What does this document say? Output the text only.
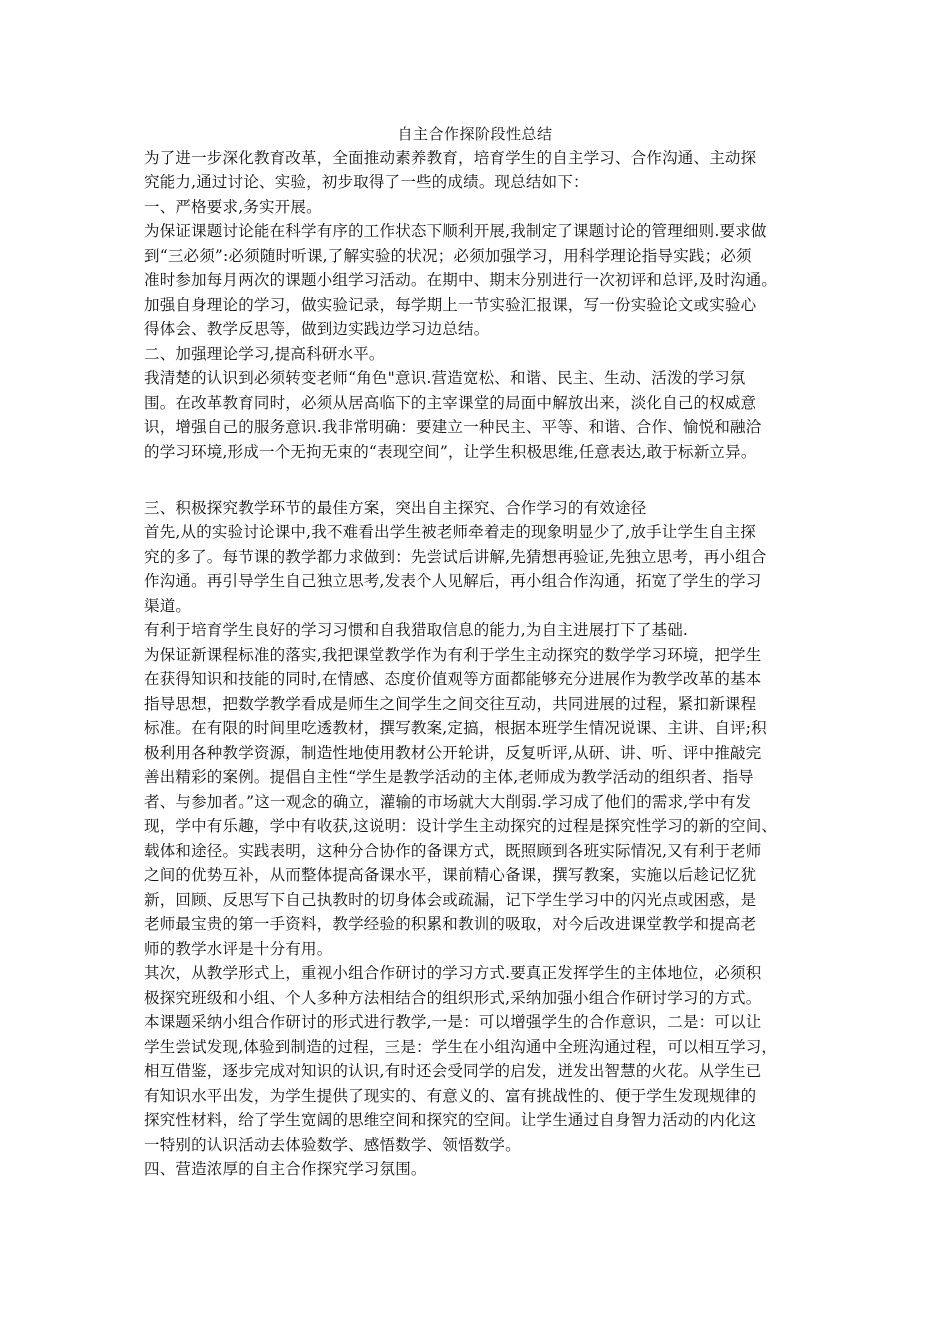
自主合作探阶段性总结
为了进一步深化教育改革，全面推动素养教育，培育学生的自主学习、合作沟通、主动探
究能力,通过讨论、实验，初步取得了一些的成绩。现总结如下：
一、严格要求,务实开展。
为保证课题讨论能在科学有序的工作状态下顺利开展,我制定了课题讨论的管理细则.要求做
到“三必须”:必须随时听课,了解实验的状况；必须加强学习，用科学理论指导实践；必须
准时参加每月两次的课题小组学习活动。在期中、期末分别进行一次初评和总评,及时沟通。
加强自身理论的学习，做实验记录，每学期上一节实验汇报课，写一份实验论文或实验心
得体会、教学反思等，做到边实践边学习边总结。
二、加强理论学习,提高科研水平。
我清楚的认识到必须转变老师“角色"意识.营造宽松、和谐、民主、生动、活泼的学习氛
围。在改革教育同时，必须从居高临下的主宰课堂的局面中解放出来，淡化自己的权威意
识，增强自己的服务意识.我非常明确：要建立一种民主、平等、和谐、合作、愉悦和融洽
的学习环境,形成一个无拘无束的“表现空间”，让学生积极思维,任意表达,敢于标新立异。
三、积极探究教学环节的最佳方案，突出自主探究、合作学习的有效途径
首先,从的实验讨论课中,我不难看出学生被老师牵着走的现象明显少了,放手让学生自主探
究的多了。每节课的教学都力求做到：先尝试后讲解,先猜想再验证,先独立思考，再小组合
作沟通。再引导学生自己独立思考,发表个人见解后，再小组合作沟通，拓宽了学生的学习
渠道。
有利于培育学生良好的学习习惯和自我猎取信息的能力,为自主进展打下了基础.
为保证新课程标准的落实,我把课堂教学作为有利于学生主动探究的数学学习环境，把学生
在获得知识和技能的同时,在情感、态度价值观等方面都能够充分进展作为教学改革的基本
指导思想，把数学教学看成是师生之间学生之间交往互动，共同进展的过程，紧扣新课程
标准。在有限的时间里吃透教材，撰写教案,定搞，根据本班学生情况说课、主讲、自评;积
极利用各种教学资源，制造性地使用教材公开轮讲，反复听评,从研、讲、听、评中推敲完
善出精彩的案例。提倡自主性“学生是教学活动的主体,老师成为教学活动的组织者、指导
者、与参加者。”这一观念的确立，灌输的市场就大大削弱.学习成了他们的需求,学中有发
现，学中有乐趣，学中有收获,这说明：设计学生主动探究的过程是探究性学习的新的空间、
载体和途径。实践表明，这种分合协作的备课方式，既照顾到各班实际情况,又有利于老师
之间的优势互补，从而整体提高备课水平，课前精心备课，撰写教案，实施以后趁记忆犹
新，回顾、反思写下自己执教时的切身体会或疏漏，记下学生学习中的闪光点或困惑，是
老师最宝贵的第一手资料，教学经验的积累和教训的吸取，对今后改进课堂教学和提高老
师的教学水评是十分有用。
其次，从教学形式上，重视小组合作研讨的学习方式.要真正发挥学生的主体地位，必须积
极探究班级和小组、个人多种方法相结合的组织形式,采纳加强小组合作研讨学习的方式。
本课题采纳小组合作研讨的形式进行教学,一是：可以增强学生的合作意识，二是：可以让
学生尝试发现,体验到制造的过程，三是：学生在小组沟通中全班沟通过程，可以相互学习，
相互借鉴，逐步完成对知识的认识,有时还会受同学的启发，迸发出智慧的火花。从学生已
有知识水平出发，为学生提供了现实的、有意义的、富有挑战性的、便于学生发现规律的
探究性材料，给了学生宽阔的思维空间和探究的空间。让学生通过自身智力活动的内化这
一特别的认识活动去体验数学、感悟数学、领悟数学。
四、营造浓厚的自主合作探究学习氛围。
